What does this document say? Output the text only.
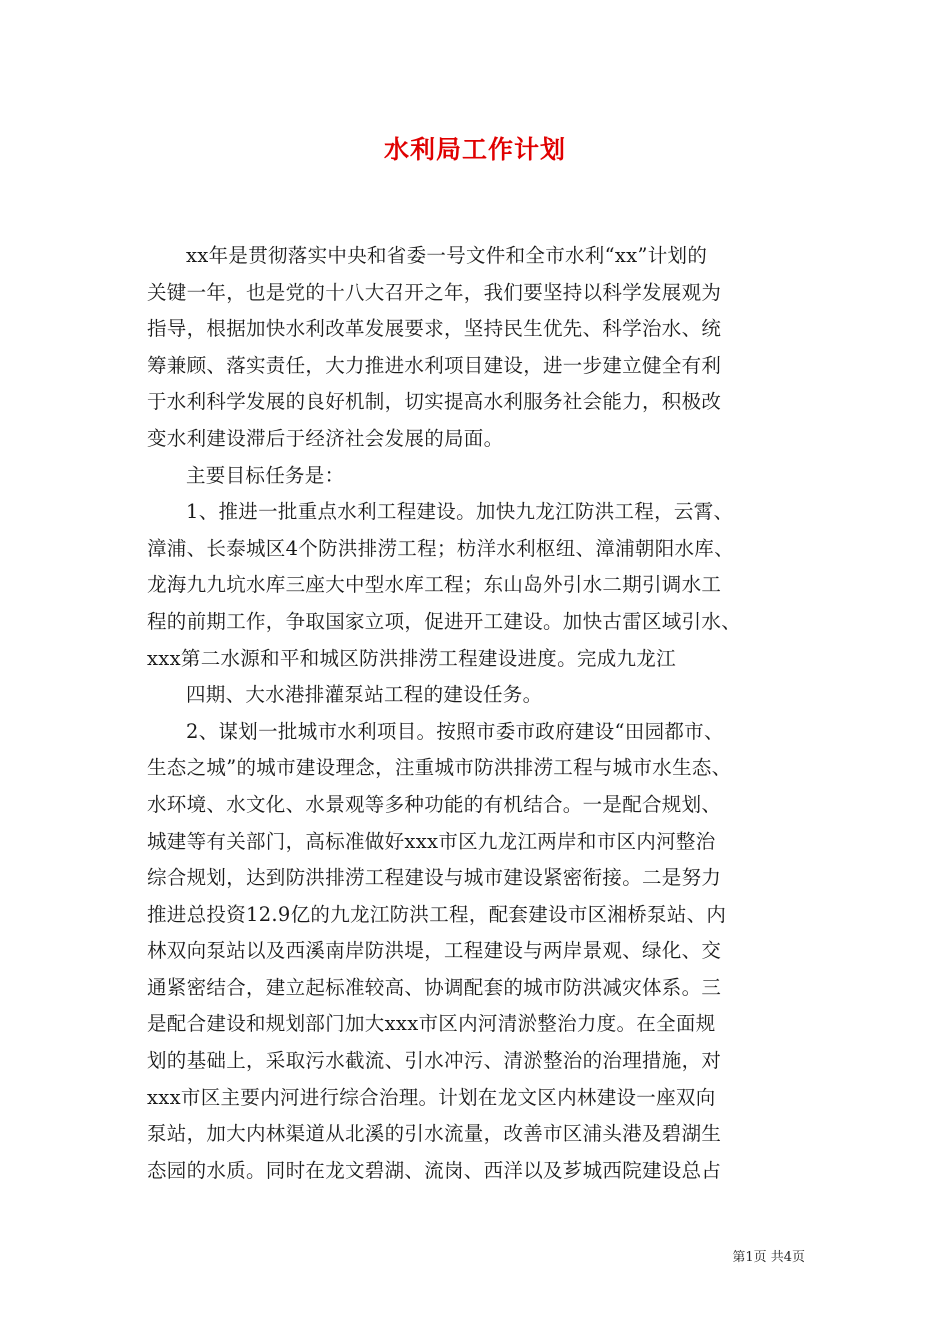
水利局工作计划
xx年是贯彻落实中央和省委一号文件和全市水利“xx”计划的
关键一年，也是党的十八大召开之年，我们要坚持以科学发展观为
指导，根据加快水利改革发展要求，坚持民生优先、科学治水、统
筹兼顾、落实责任，大力推进水利项目建设，进一步建立健全有利
于水利科学发展的良好机制，切实提高水利服务社会能力，积极改
变水利建设滞后于经济社会发展的局面。
主要目标任务是：
1、推进一批重点水利工程建设。加快九龙江防洪工程，云霄、
漳浦、长泰城区4个防洪排涝工程；枋洋水利枢纽、漳浦朝阳水库、
龙海九九坑水库三座大中型水库工程；东山岛外引水二期引调水工
程的前期工作，争取国家立项，促进开工建设。加快古雷区域引水、
xxx第二水源和平和城区防洪排涝工程建设进度。完成九龙江
四期、大水港排灌泵站工程的建设任务。
2、谋划一批城市水利项目。按照市委市政府建设“田园都市、
生态之城”的城市建设理念，注重城市防洪排涝工程与城市水生态、
水环境、水文化、水景观等多种功能的有机结合。一是配合规划、
城建等有关部门，高标准做好xxx市区九龙江两岸和市区内河整治
综合规划，达到防洪排涝工程建设与城市建设紧密衔接。二是努力
推进总投资12.9亿的九龙江防洪工程，配套建设市区湘桥泵站、内
林双向泵站以及西溪南岸防洪堤，工程建设与两岸景观、绿化、交
通紧密结合，建立起标准较高、协调配套的城市防洪减灾体系。三
是配合建设和规划部门加大xxx市区内河清淤整治力度。在全面规
划的基础上，采取污水截流、引水冲污、清淤整治的治理措施，对
xxx市区主要内河进行综合治理。计划在龙文区内林建设一座双向
泵站，加大内林渠道从北溪的引水流量，改善市区浦头港及碧湖生
态园的水质。同时在龙文碧湖、流岗、西洋以及芗城西院建设总占
第1页 共4页
